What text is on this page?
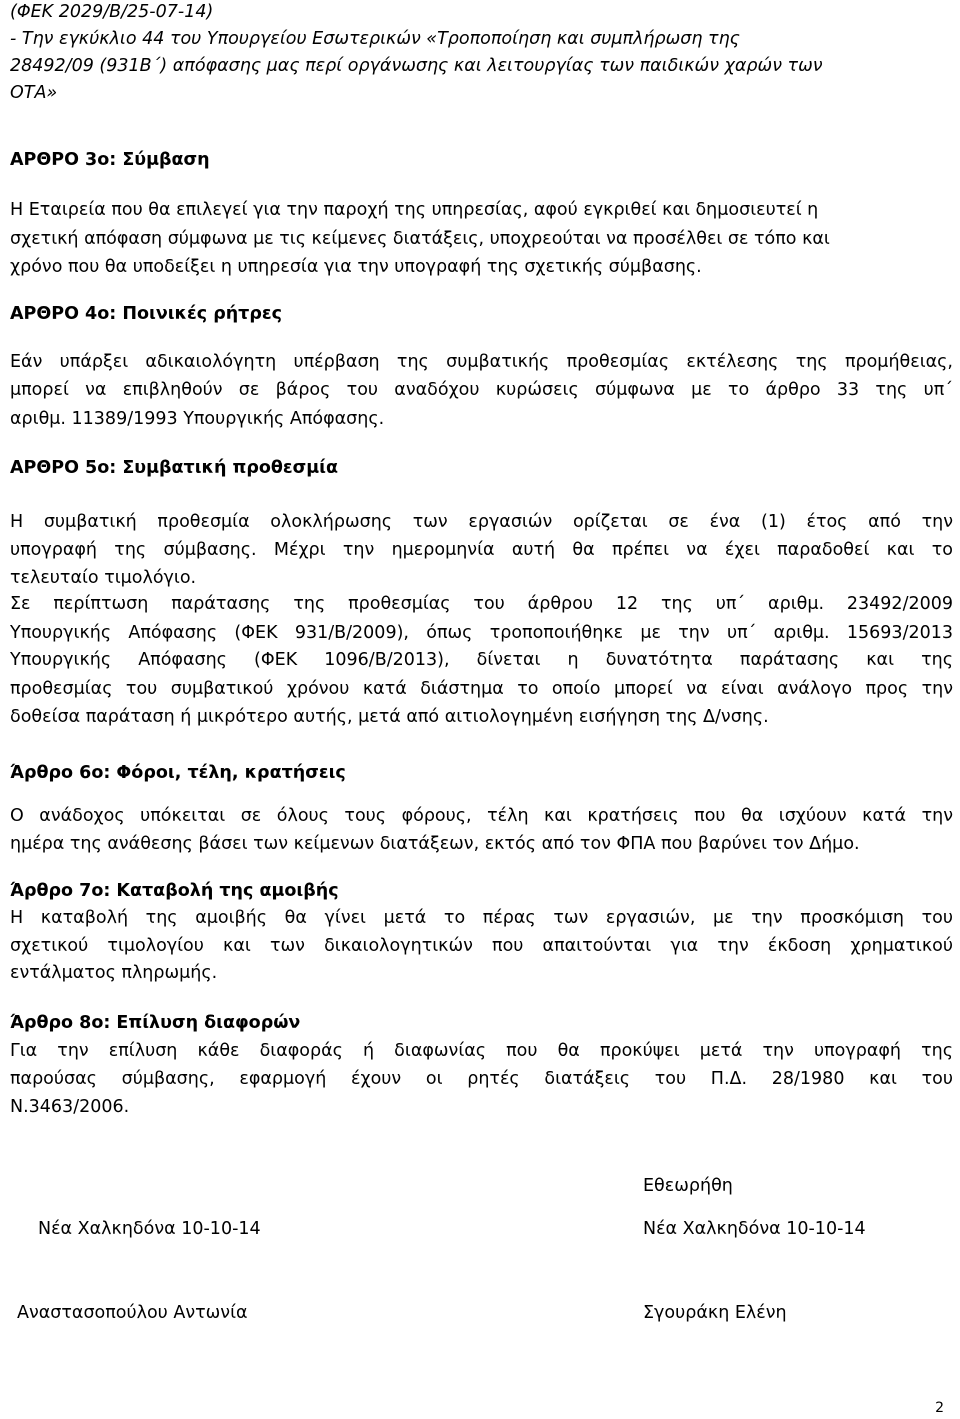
(ΦΕΚ 2029/Β/25-07-14)
- Την εγκύκλιο 44 του Υπουργείου Εσωτερικών «Τροποποίηση και συμπλήρωση της
28492/09 (931Β΄) απόφασης μας περί οργάνωσης και λειτουργίας των παιδικών χαρών των
ΟΤΑ»
ΑΡΘΡΟ 3ο: Σύμβαση
Η Εταιρεία που θα επιλεγεί για την παροχή της υπηρεσίας, αφού εγκριθεί και δημοσιευτεί η
σχετική απόφαση σύμφωνα με τις κείμενες διατάξεις, υποχρεούται να προσέλθει σε τόπο και
χρόνο που θα υποδείξει η υπηρεσία για την υπογραφή της σχετικής σύμβασης.
ΑΡΘΡΟ 4ο: Ποινικές ρήτρες
Εάν υπάρξει αδικαιολόγητη υπέρβαση της συμβατικής προθεσμίας εκτέλεσης της προμήθειας,
μπορεί να επιβληθούν σε βάρος του αναδόχου κυρώσεις σύμφωνα με το άρθρο 33 της υπ΄
αριθμ. 11389/1993 Υπουργικής Απόφασης.
ΑΡΘΡΟ 5ο: Συμβατική προθεσμία
Η συμβατική προθεσμία ολοκλήρωσης των εργασιών ορίζεται σε ένα (1) έτος από την
υπογραφή της σύμβασης. Μέχρι την ημερομηνία αυτή θα πρέπει να έχει παραδοθεί και το
τελευταίο τιμολόγιο.
Σε περίπτωση παράτασης της προθεσμίας του άρθρου 12 της υπ΄ αριθμ. 23492/2009
Υπουργικής Απόφασης (ΦΕΚ 931/Β/2009), όπως τροποποιήθηκε με την υπ΄ αριθμ. 15693/2013
Υπουργικής Απόφασης (ΦΕΚ 1096/Β/2013), δίνεται η δυνατότητα παράτασης και της
προθεσμίας του συμβατικού χρόνου κατά διάστημα το οποίο μπορεί να είναι ανάλογο προς την
δοθείσα παράταση ή μικρότερο αυτής, μετά από αιτιολογημένη εισήγηση της Δ/νσης.
Άρθρο 6ο: Φόροι, τέλη, κρατήσεις
Ο ανάδοχος υπόκειται σε όλους τους φόρους, τέλη και κρατήσεις που θα ισχύουν κατά την
ημέρα της ανάθεσης βάσει των κείμενων διατάξεων, εκτός από τον ΦΠΑ που βαρύνει τον Δήμο.
Άρθρο 7ο: Καταβολή της αμοιβής
Η καταβολή της αμοιβής θα γίνει μετά το πέρας των εργασιών, με την προσκόμιση του
σχετικού τιμολογίου και των δικαιολογητικών που απαιτούνται για την έκδοση χρηματικού
εντάλματος πληρωμής.
Άρθρο 8ο: Επίλυση διαφορών
Για την επίλυση κάθε διαφοράς ή διαφωνίας που θα προκύψει μετά την υπογραφή της
παρούσας σύμβασης, εφαρμογή έχουν οι ρητές διατάξεις του Π.Δ. 28/1980 και του
Ν.3463/2006.
Εθεωρήθη
Νέα Χαλκηδόνα 10-10-14	Νέα Χαλκηδόνα 10-10-14
Αναστασοπούλου Αντωνία	Σγουράκη Ελένη
2
